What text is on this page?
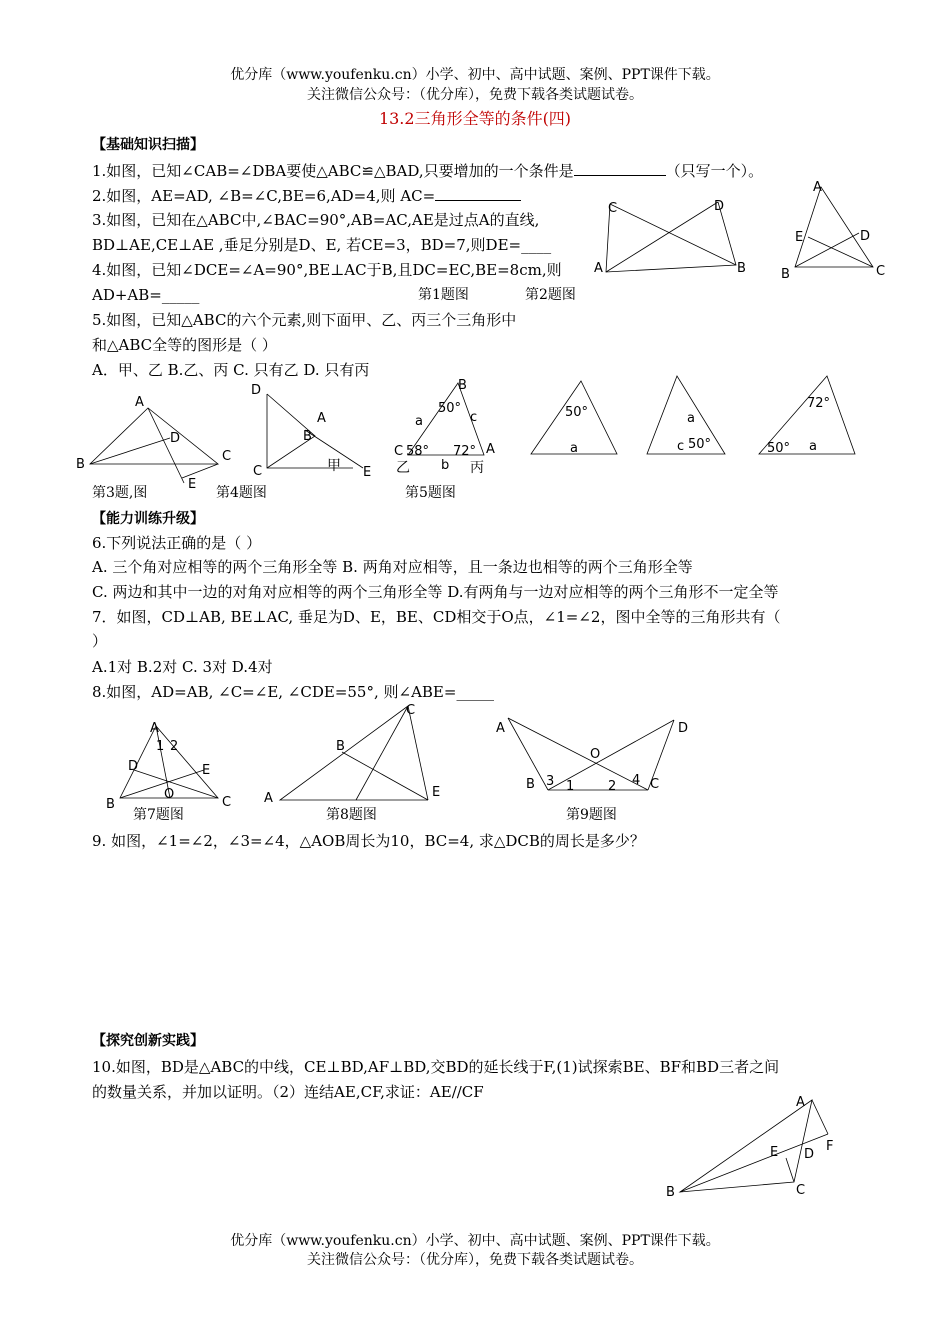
优分库（www.youfenku.cn）小学、初中、高中试题、案例、PPT课件下载。
关注微信公众号：（优分库），免费下载各类试题试卷。
13.2三角形全等的条件(四)
【基础知识扫描】
1.如图，已知∠CAB=∠DBA要使△ABC≌△BAD,只要增加的一个条件是	（只写一个）。
2.如图，AE=AD, ∠B=∠C,BE=6,AD=4,则 AC=
3.如图，已知在△ABC中,∠BAC=90°,AB=AC,AE是过点A的直线,
BD⊥AE,CE⊥AE ,垂足分别是D、E, 若CE=3，BD=7,则DE=____
4.如图，已知∠DCE=∠A=90°,BE⊥AC于B,且DC=EC,BE=8cm,则
AD+AB=_____	第1题图	第2题图
C	D
A	B
A
E	D
B	C
5.如图，已知△ABC的六个元素,则下面甲、乙、丙三个三角形中
和△ABC全等的图形是（ ）
A．甲、乙 B.乙、丙 C. 只有乙 D. 只有丙
A
D
B
C
E
D
A
B
C	E
甲
B
50°
a	c
C 58° 72° A
b
乙	丙
50°
a
a
c 50°
72°
50° a
第3题,图	第4题图	第5题图
【能力训练升级】
6.下列说法正确的是（ ）
A. 三个角对应相等的两个三角形全等 B. 两角对应相等，且一条边也相等的两个三角形全等
C. 两边和其中一边的对角对应相等的两个三角形全等 D.有两角与一边对应相等的两个三角形不一定全等
7．如图，CD⊥AB, BE⊥AC, 垂足为D、E，BE、CD相交于O点，∠1=∠2，图中全等的三角形共有（
）
A.1对 B.2对 C. 3对 D.4对
8.如图，AD=AB, ∠C=∠E, ∠CDE=55°, 则∠ABE=_____
A
1 2
D	E
O
B	C
C
B
A	E
A	D
O
B 3 1	2 4 C
第7题图	第8题图	第9题图
9. 如图，∠1=∠2，∠3=∠4，△AOB周长为10，BC=4, 求△DCB的周长是多少？
【探究创新实践】
10.如图，BD是△ABC的中线，CE⊥BD,AF⊥BD,交BD的延长线于F,(1)试探索BE、BF和BD三者之间
的数量关系，并加以证明。（2）连结AE,CF,求证：AE//CF
A
F
E D
B	C
优分库（www.youfenku.cn）小学、初中、高中试题、案例、PPT课件下载。
关注微信公众号：（优分库），免费下载各类试题试卷。
